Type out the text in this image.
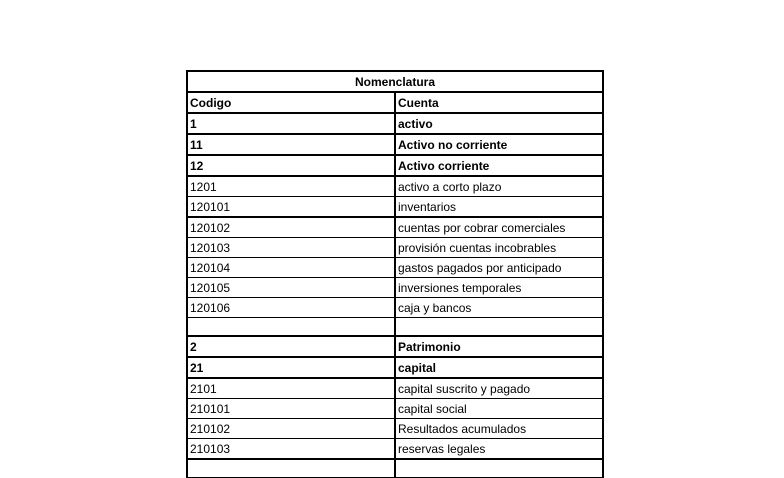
Nomenclatura	
Codigo	Cuenta
1	activo
11	Activo no corriente
12	Activo corriente
1201	activo a corto plazo
120101	inventarios
120102	cuentas por cobrar comerciales
120103	provisión cuentas incobrables
120104	gastos pagados por anticipado
120105	inversiones temporales
120106	caja y bancos

2	Patrimonio
21	capital
2101	capital suscrito y pagado
210101	capital social
210102	Resultados acumulados
210103	reservas legales
